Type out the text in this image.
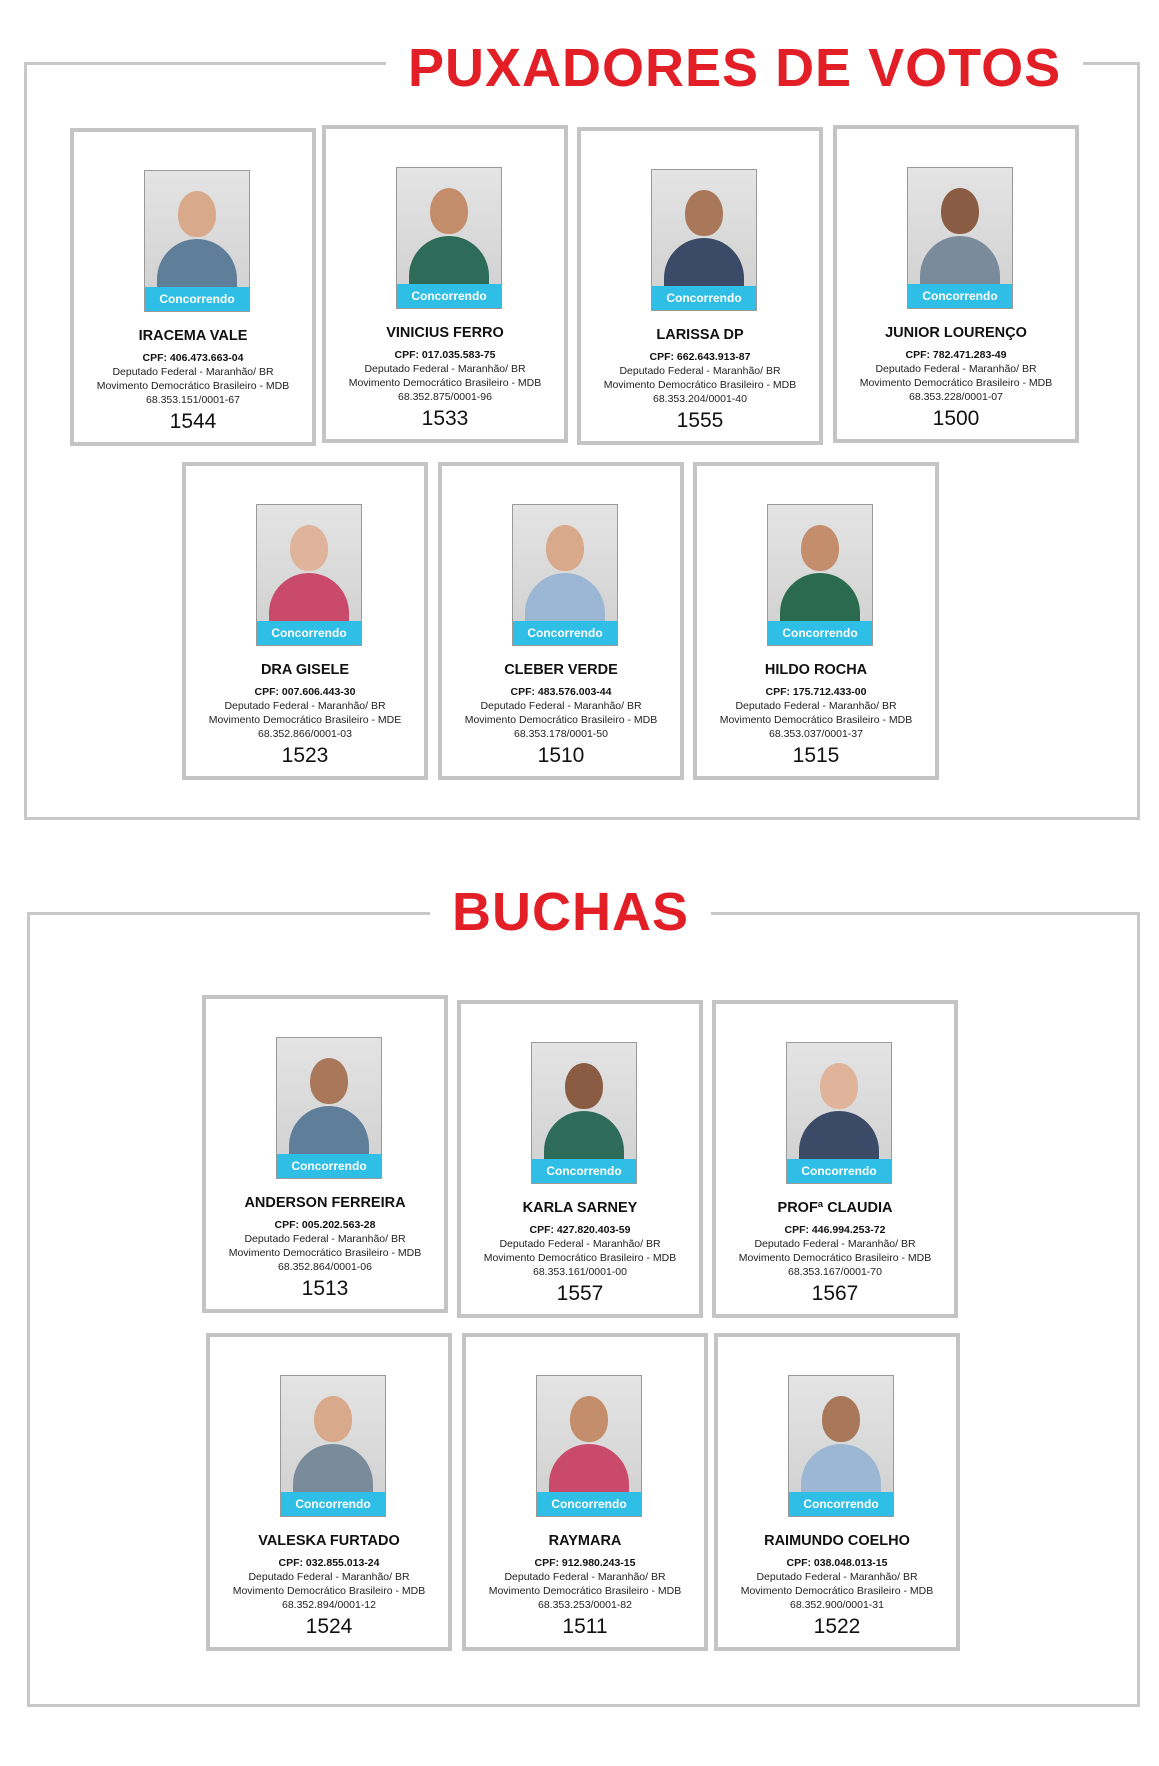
PUXADORES DE VOTOS
BUCHAS
Concorrendo
IRACEMA VALE
CPF: 406.473.663-04
Deputado Federal - Maranhão/ BR
Movimento Democrático Brasileiro - MDB
68.353.151/0001-67
1544
Concorrendo
VINICIUS FERRO
CPF: 017.035.583-75
Deputado Federal - Maranhão/ BR
Movimento Democrático Brasileiro - MDB
68.352.875/0001-96
1533
Concorrendo
LARISSA DP
CPF: 662.643.913-87
Deputado Federal - Maranhão/ BR
Movimento Democrático Brasileiro - MDB
68.353.204/0001-40
1555
Concorrendo
JUNIOR LOURENÇO
CPF: 782.471.283-49
Deputado Federal - Maranhão/ BR
Movimento Democrático Brasileiro - MDB
68.353.228/0001-07
1500
Concorrendo
DRA GISELE
CPF: 007.606.443-30
Deputado Federal - Maranhão/ BR
Movimento Democrático Brasileiro - MDE
68.352.866/0001-03
1523
Concorrendo
CLEBER VERDE
CPF: 483.576.003-44
Deputado Federal - Maranhão/ BR
Movimento Democrático Brasileiro - MDB
68.353.178/0001-50
1510
Concorrendo
HILDO ROCHA
CPF: 175.712.433-00
Deputado Federal - Maranhão/ BR
Movimento Democrático Brasileiro - MDB
68.353.037/0001-37
1515
Concorrendo
ANDERSON FERREIRA
CPF: 005.202.563-28
Deputado Federal - Maranhão/ BR
Movimento Democrático Brasileiro - MDB
68.352.864/0001-06
1513
Concorrendo
KARLA SARNEY
CPF: 427.820.403-59
Deputado Federal - Maranhão/ BR
Movimento Democrático Brasileiro - MDB
68.353.161/0001-00
1557
Concorrendo
PROFª CLAUDIA
CPF: 446.994.253-72
Deputado Federal - Maranhão/ BR
Movimento Democrático Brasileiro - MDB
68.353.167/0001-70
1567
Concorrendo
VALESKA FURTADO
CPF: 032.855.013-24
Deputado Federal - Maranhão/ BR
Movimento Democrático Brasileiro - MDB
68.352.894/0001-12
1524
Concorrendo
RAYMARA
CPF: 912.980.243-15
Deputado Federal - Maranhão/ BR
Movimento Democrático Brasileiro - MDB
68.353.253/0001-82
1511
Concorrendo
RAIMUNDO COELHO
CPF: 038.048.013-15
Deputado Federal - Maranhão/ BR
Movimento Democrático Brasileiro - MDB
68.352.900/0001-31
1522
